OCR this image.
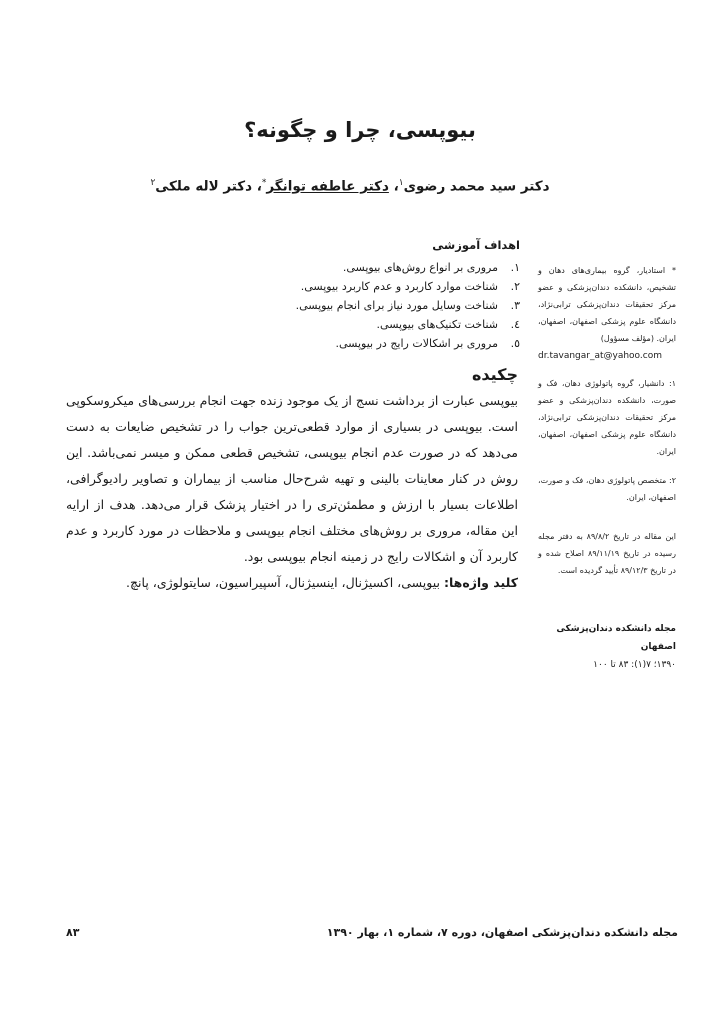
بیوپسی، چرا و چگونه؟
دکتر سید محمد رضوی$^۱$، دکتر عاطفه توانگر*، دکتر لاله ملکی$^۲$
اهداف آموزشی
۱.
مروری بر انواع روش‌های بیوپسی.
۲.
شناخت موارد کاربرد و عدم کاربرد بیوپسی.
۳.
شناخت وسایل مورد نیاز برای انجام بیوپسی.
٤.
شناخت تکنیک‌های بیوپسی.
٥.
مروری بر اشکالات رایج در بیوپسی.
چکیده

بیوپسی عبارت از برداشت نسج از یک موجود زنده جهت انجام بررسی‌های میکروسکوپی است. بیوپسی در بسیاری از موارد قطعی‌ترین جواب را در تشخیص ضایعات به دست می‌دهد که در صورت عدم انجام بیوپسی، تشخیص قطعی ممکن و میسر نمی‌باشد. این روش در کنار معاینات بالینی و تهیه شرح‌حال مناسب از بیماران و تصاویر رادیوگرافی، اطلاعات بسیار با ارزش و مطمئن‌تری را در اختیار پزشک قرار می‌دهد. هدف از ارایه این مقاله، مروری بر روش‌های مختلف انجام بیوپسی و ملاحظات در مورد کاربرد و عدم کاربرد آن و اشکالات رایج در زمینه انجام بیوپسی بود.

کلید واژه‌ها: بیوپسی، اکسیژنال، اینسیژنال، آسپیراسیون، سایتولوژی، پانچ.

* استادیار، گروه بیماری‌های دهان و تشخیص، دانشکده دندان‌پزشکی و عضو مرکز تحقیقات دندان‌پزشکی ترابی‌نژاد، دانشگاه علوم پزشکی اصفهان، اصفهان، ایران. (مؤلف مسؤول)
dr.tavangar_at@yahoo.com
۱: دانشیار، گروه پاتولوژی دهان، فک و صورت، دانشکده دندان‌پزشکی و عضو مرکز تحقیقات دندان‌پزشکی ترابی‌نژاد، دانشگاه علوم پزشکی اصفهان، اصفهان، ایران.
۲: متخصص پاتولوژی دهان، فک و صورت، اصفهان، ایران.
این مقاله در تاریخ ۸۹/۸/۲ به دفتر مجله رسیده در تاریخ ۸۹/۱۱/۱۹ اصلاح شده و در تاریخ ۸۹/۱۲/۳ تأیید گردیده است.
مجله دانشکده دندان‌پزشکی اصفهان
۱۳۹۰؛ ۷(۱): ۸۳ تا ۱۰۰
مجله دانشکده دندان‌پزشکی اصفهان، دوره ۷، شماره ۱، بهار ۱۳۹۰
۸۳
